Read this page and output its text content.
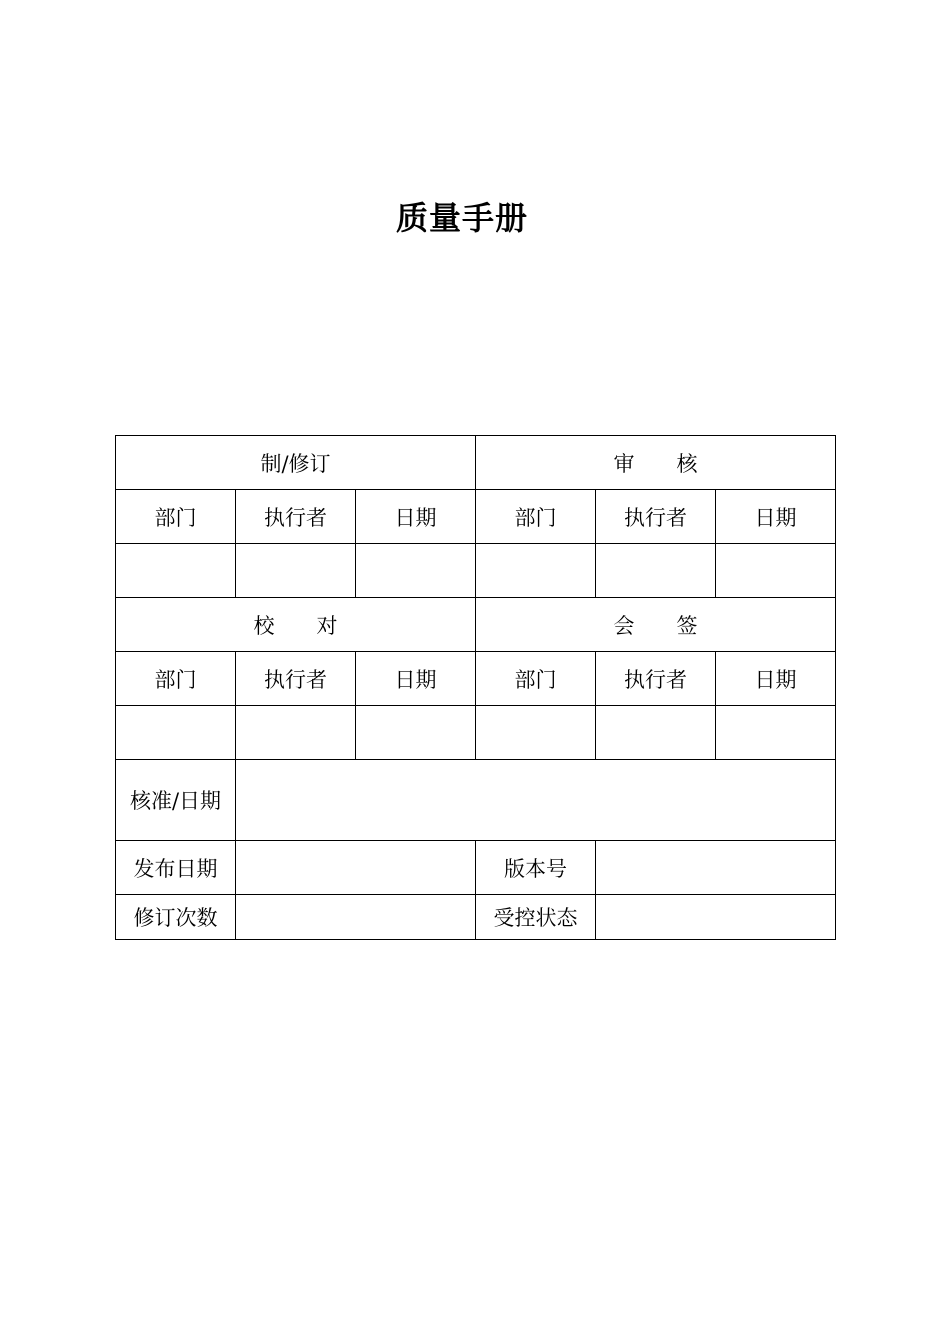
质量手册
制/修订			审　　核		
部门	执行者	日期	部门	执行者	日期

校　　对			会　　签		
部门	执行者	日期	部门	执行者	日期

核准/日期					
发布日期			版本号		
修订次数			受控状态		
